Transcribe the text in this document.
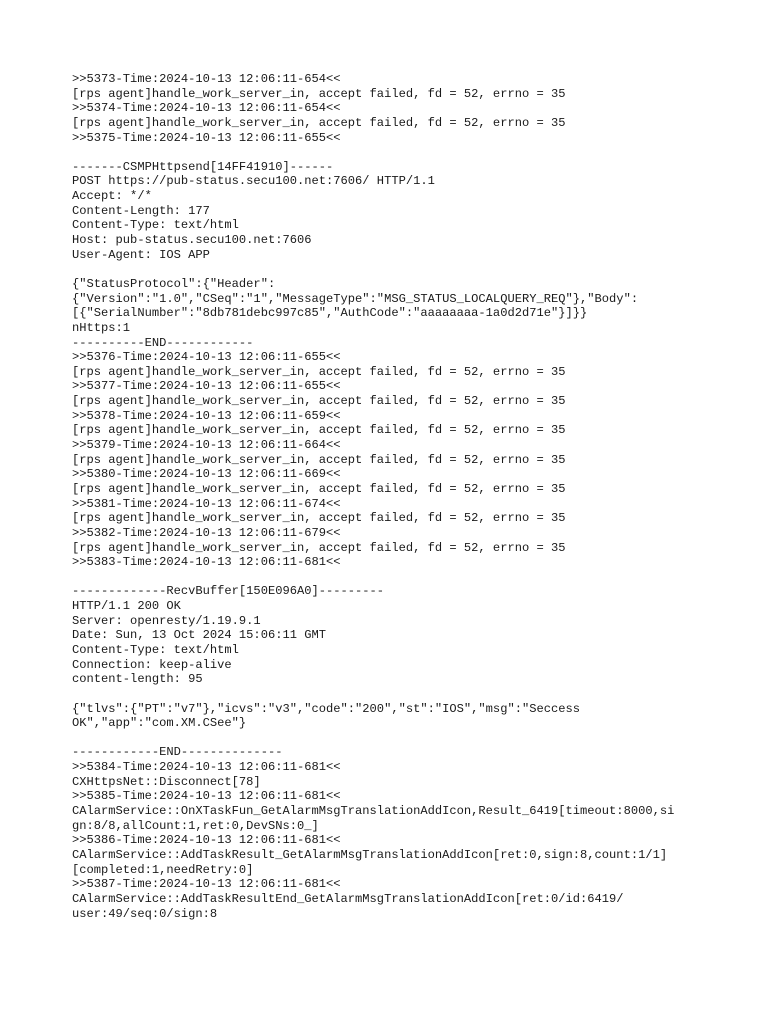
>>5373-Time:2024-10-13 12:06:11-654<<
[rps agent]handle_work_server_in, accept failed, fd = 52, errno = 35
>>5374-Time:2024-10-13 12:06:11-654<<
[rps agent]handle_work_server_in, accept failed, fd = 52, errno = 35
>>5375-Time:2024-10-13 12:06:11-655<<
-------CSMPHttpsend[14FF41910]------
POST https://pub-status.secu100.net:7606/ HTTP/1.1
Accept: */*
Content-Length: 177
Content-Type: text/html
Host: pub-status.secu100.net:7606
User-Agent: IOS APP
{"StatusProtocol":{"Header":
{"Version":"1.0","CSeq":"1","MessageType":"MSG_STATUS_LOCALQUERY_REQ"},"Body":
[{"SerialNumber":"8db781debc997c85","AuthCode":"aaaaaaaa-1a0d2d71e"}]}}
nHttps:1
----------END------------
>>5376-Time:2024-10-13 12:06:11-655<<
[rps agent]handle_work_server_in, accept failed, fd = 52, errno = 35
>>5377-Time:2024-10-13 12:06:11-655<<
[rps agent]handle_work_server_in, accept failed, fd = 52, errno = 35
>>5378-Time:2024-10-13 12:06:11-659<<
[rps agent]handle_work_server_in, accept failed, fd = 52, errno = 35
>>5379-Time:2024-10-13 12:06:11-664<<
[rps agent]handle_work_server_in, accept failed, fd = 52, errno = 35
>>5380-Time:2024-10-13 12:06:11-669<<
[rps agent]handle_work_server_in, accept failed, fd = 52, errno = 35
>>5381-Time:2024-10-13 12:06:11-674<<
[rps agent]handle_work_server_in, accept failed, fd = 52, errno = 35
>>5382-Time:2024-10-13 12:06:11-679<<
[rps agent]handle_work_server_in, accept failed, fd = 52, errno = 35
>>5383-Time:2024-10-13 12:06:11-681<<
-------------RecvBuffer[150E096A0]---------
HTTP/1.1 200 OK
Server: openresty/1.19.9.1
Date: Sun, 13 Oct 2024 15:06:11 GMT
Content-Type: text/html
Connection: keep-alive
content-length: 95
{"tlvs":{"PT":"v7"},"icvs":"v3","code":"200","st":"IOS","msg":"Seccess
OK","app":"com.XM.CSee"}
------------END--------------
>>5384-Time:2024-10-13 12:06:11-681<<
CXHttpsNet::Disconnect[78]
>>5385-Time:2024-10-13 12:06:11-681<<
CAlarmService::OnXTaskFun_GetAlarmMsgTranslationAddIcon,Result_6419[timeout:8000,si
gn:8/8,allCount:1,ret:0,DevSNs:0_]
>>5386-Time:2024-10-13 12:06:11-681<<
CAlarmService::AddTaskResult_GetAlarmMsgTranslationAddIcon[ret:0,sign:8,count:1/1]
[completed:1,needRetry:0]
>>5387-Time:2024-10-13 12:06:11-681<<
CAlarmService::AddTaskResultEnd_GetAlarmMsgTranslationAddIcon[ret:0/id:6419/
user:49/seq:0/sign:8
